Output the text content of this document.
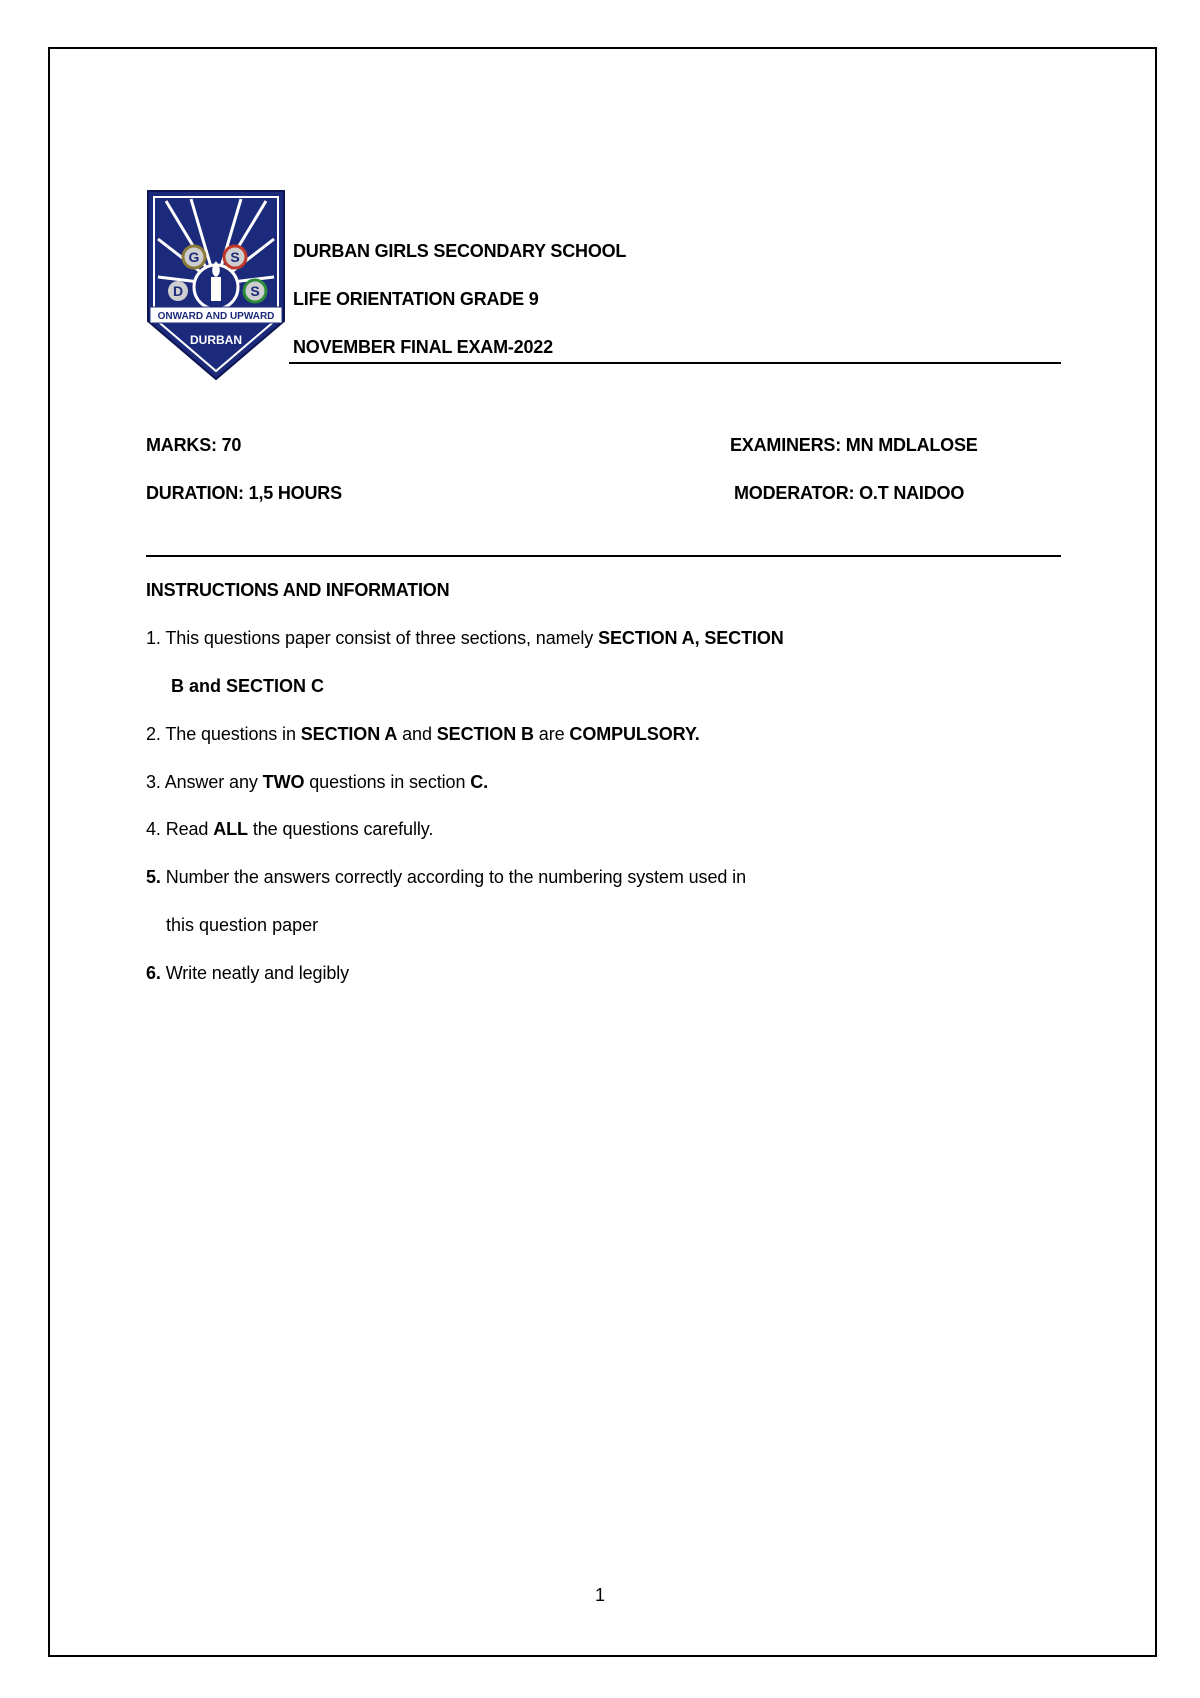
G S
D	S
ONWARD AND UPWARD
DURBAN
DURBAN GIRLS SECONDARY SCHOOL
LIFE ORIENTATION GRADE 9
NOVEMBER FINAL EXAM-2022
MARKS: 70	EXAMINERS: MN MDLALOSE
DURATION: 1,5 HOURS	MODERATOR: O.T NAIDOO
INSTRUCTIONS AND INFORMATION
1. This questions paper consist of three sections, namely SECTION A, SECTION
B and SECTION C
2. The questions in SECTION A and SECTION B are COMPULSORY.
3. Answer any TWO questions in section C.
4. Read ALL the questions carefully.
5. Number the answers correctly according to the numbering system used in
this question paper
6. Write neatly and legibly
1
